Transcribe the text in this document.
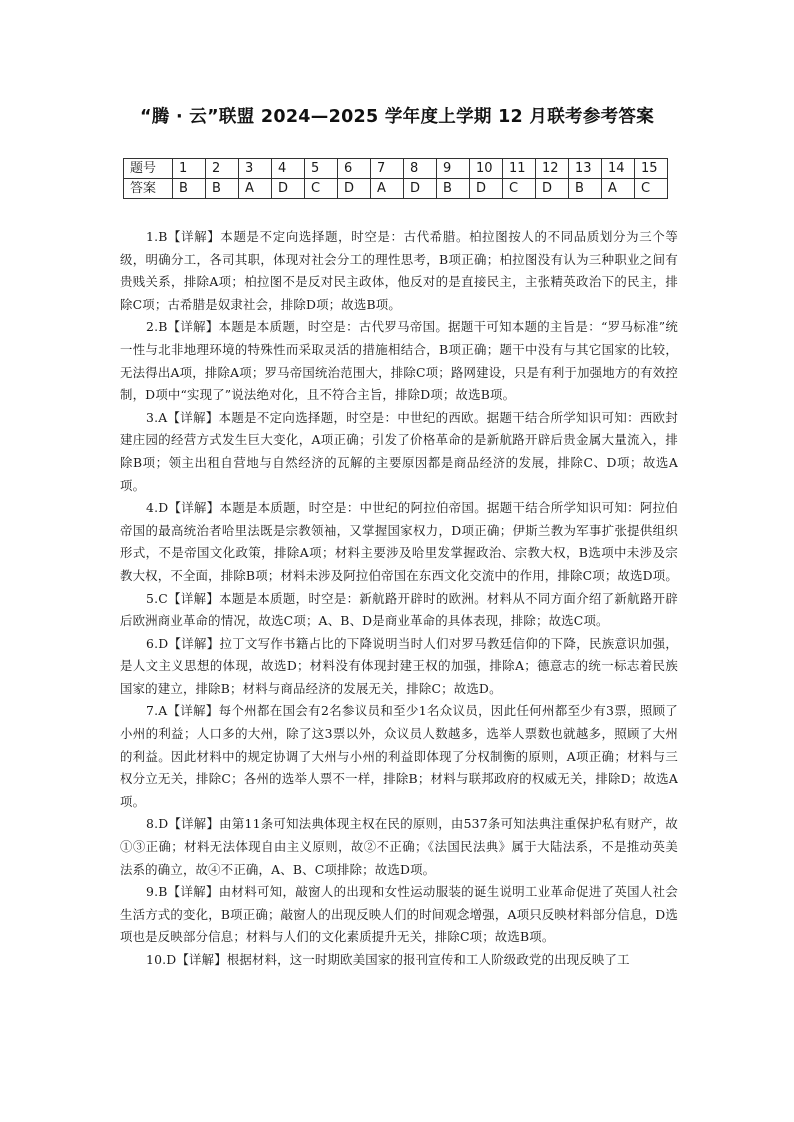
“腾 · 云”联盟 2024—2025 学年度上学期 12 月联考参考答案
题号	1	2	3	4	5	6	7	8	9	10	11	12	13	14	15
答案	B	B	A	D	C	D	A	D	B	D	C	D	B	A	C

1.B【详解】本题是不定向选择题，时空是：古代希腊。柏拉图按人的不同品质划分为三个等级，明确分工，各司其职，体现对社会分工的理性思考，B项正确；柏拉图没有认为三种职业之间有贵贱关系，排除A项；柏拉图不是反对民主政体，他反对的是直接民主，主张精英政治下的民主，排除C项；古希腊是奴隶社会，排除D项；故选B项。

2.B【详解】本题是本质题，时空是：古代罗马帝国。据题干可知本题的主旨是：“罗马标准”统一性与北非地理环境的特殊性而采取灵活的措施相结合，B项正确；题干中没有与其它国家的比较，无法得出A项，排除A项；罗马帝国统治范围大，排除C项；路网建设，只是有利于加强地方的有效控制，D项中“实现了”说法绝对化，且不符合主旨，排除D项；故选B项。

3.A【详解】本题是不定向选择题，时空是：中世纪的西欧。据题干结合所学知识可知：西欧封建庄园的经营方式发生巨大变化，A项正确；引发了价格革命的是新航路开辟后贵金属大量流入，排除B项；领主出租自营地与自然经济的瓦解的主要原因都是商品经济的发展，排除C、D项；故选A项。

4.D【详解】本题是本质题，时空是：中世纪的阿拉伯帝国。据题干结合所学知识可知：阿拉伯帝国的最高统治者哈里法既是宗教领袖，又掌握国家权力，D项正确；伊斯兰教为军事扩张提供组织形式，不是帝国文化政策，排除A项；材料主要涉及哈里发掌握政治、宗教大权，B选项中未涉及宗教大权，不全面，排除B项；材料未涉及阿拉伯帝国在东西文化交流中的作用，排除C项；故选D项。

5.C【详解】本题是本质题，时空是：新航路开辟时的欧洲。材料从不同方面介绍了新航路开辟后欧洲商业革命的情况，故选C项；A、B、D是商业革命的具体表现，排除；故选C项。

6.D【详解】拉丁文写作书籍占比的下降说明当时人们对罗马教廷信仰的下降，民族意识加强，是人文主义思想的体现，故选D；材料没有体现封建王权的加强，排除A；德意志的统一标志着民族国家的建立，排除B；材料与商品经济的发展无关，排除C；故选D。

7.A【详解】每个州都在国会有2名参议员和至少1名众议员，因此任何州都至少有3票，照顾了小州的利益；人口多的大州，除了这3票以外，众议员人数越多，选举人票数也就越多，照顾了大州的利益。因此材料中的规定协调了大州与小州的利益即体现了分权制衡的原则，A项正确；材料与三权分立无关，排除C；各州的选举人票不一样，排除B；材料与联邦政府的权威无关，排除D；故选A项。

8.D【详解】由第11条可知法典体现主权在民的原则，由537条可知法典注重保护私有财产，故①③正确；材料无法体现自由主义原则，故②不正确；《法国民法典》属于大陆法系，不是推动英美法系的确立，故④不正确，A、B、C项排除；故选D项。

9.B【详解】由材料可知，敲窗人的出现和女性运动服装的诞生说明工业革命促进了英国人社会生活方式的变化，B项正确；敲窗人的出现反映人们的时间观念增强，A项只反映材料部分信息，D选项也是反映部分信息；材料与人们的文化素质提升无关，排除C项；故选B项。

10.D【详解】根据材料，这一时期欧美国家的报刊宣传和工人阶级政党的出现反映了工
